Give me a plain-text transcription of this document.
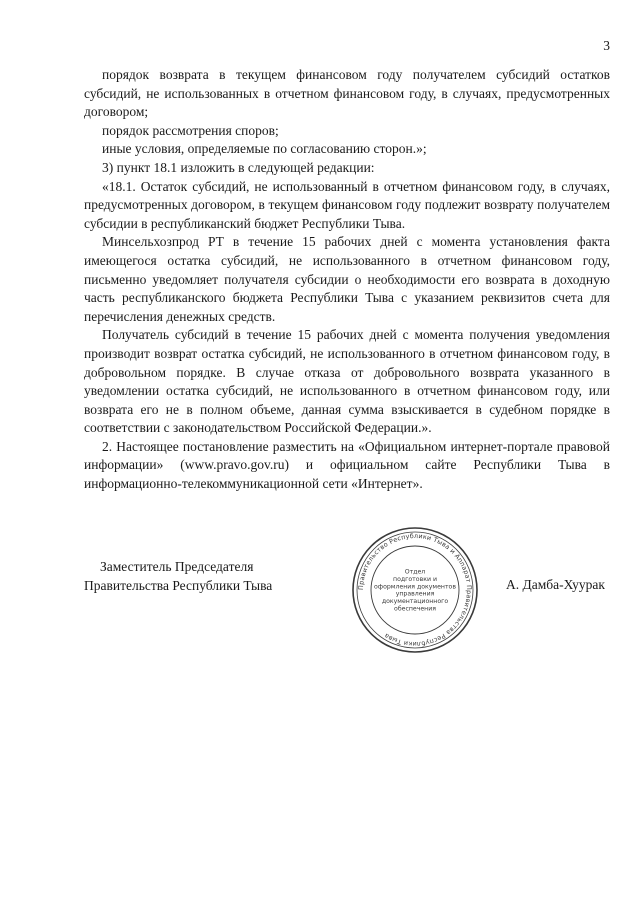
3

порядок возврата в текущем финансовом году получателем субсидий остатков субсидий, не использованных в отчетном финансовом году, в случаях, предусмотренных договором;

порядок рассмотрения споров;

иные условия, определяемые по согласованию сторон.»;

3) пункт 18.1 изложить в следующей редакции:

«18.1. Остаток субсидий, не использованный в отчетном финансовом году, в случаях, предусмотренных договором, в текущем финансовом году подлежит возврату получателем субсидии в республиканский бюджет Республики Тыва.

Минсельхозпрод РТ в течение 15 рабочих дней с момента установления факта имеющегося остатка субсидий, не использованного в отчетном финансовом году, письменно уведомляет получателя субсидии о необходимости его возврата в доходную часть республиканского бюджета Республики Тыва с указанием реквизитов счета для перечисления денежных средств.

Получатель субсидий в течение 15 рабочих дней с момента получения уведомления производит возврат остатка субсидий, не использованного в отчетном финансовом году, в добровольном порядке. В случае отказа от добровольного возврата указанного в уведомлении остатка субсидий, не использованного в отчетном финансовом году, или возврата его не в полном объеме, данная сумма взыскивается в судебном порядке в соответствии с законодательством Российской Федерации.».

2. Настоящее постановление разместить на «Официальном интернет-портале правовой информации» (www.pravo.gov.ru) и официальном сайте Республики Тыва в информационно-телекоммуникационной сети «Интернет».

Заместитель Председателя
Правительства Республики Тыва	Правительство Республики Тыва и Аппарат Правительства Республики Тыва
Отдел
подготовки и
оформления документов
управления
документационного
обеспечения
А. Дамба-Хуурак
